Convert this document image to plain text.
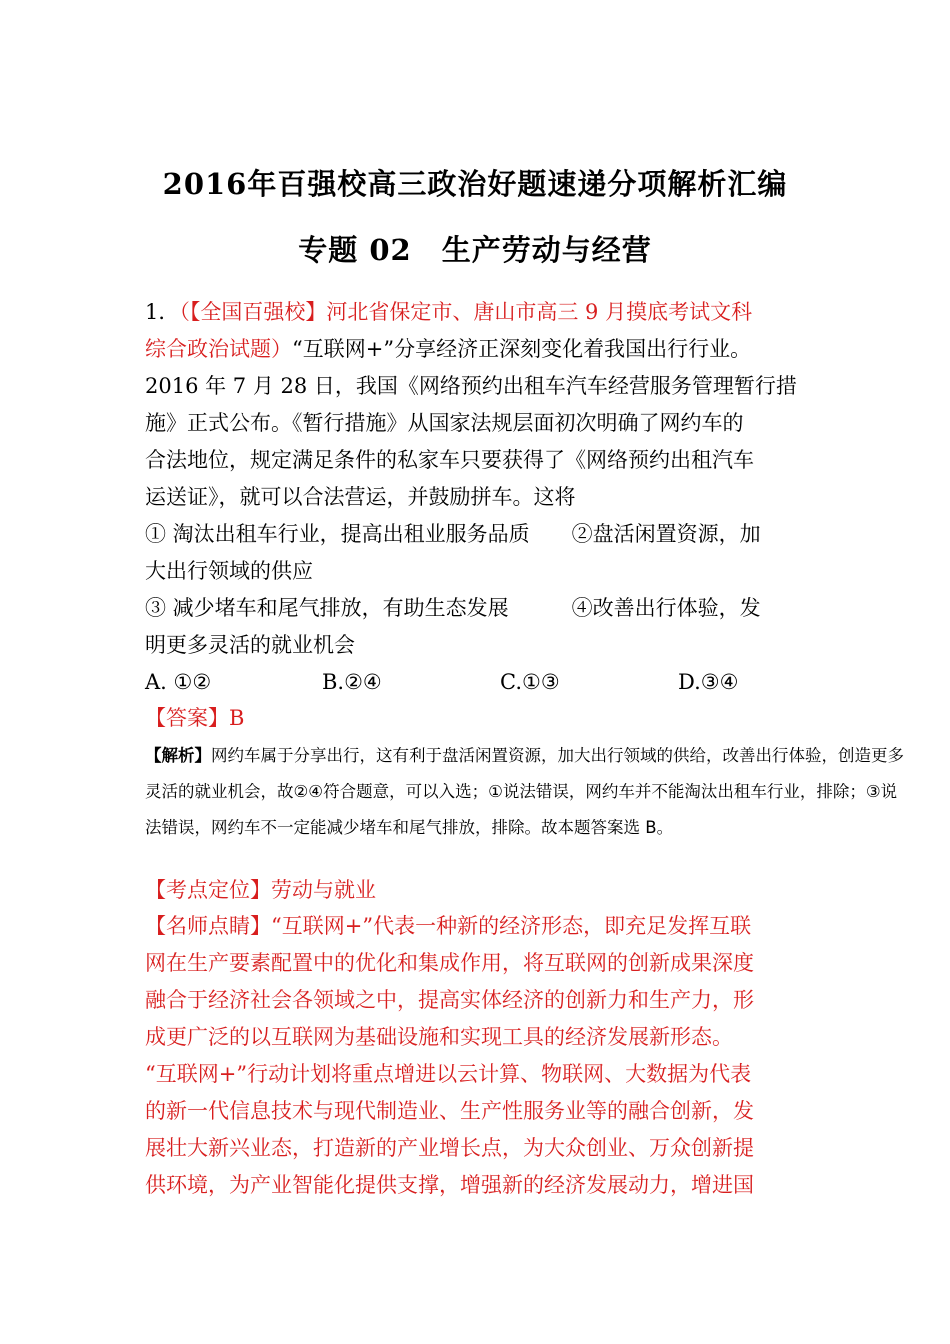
2016年百强校高三政治好题速递分项解析汇编
专题 02　生产劳动与经营
1．（【全国百强校】河北省保定市、唐山市高三 9 月摸底考试文科
综合政治试题）“互联网+”分享经济正深刻变化着我国出行行业。
2016 年 7 月 28 日，我国《网络预约出租车汽车经营服务管理暂行措
施》正式公布。《暂行措施》从国家法规层面初次明确了网约车的
合法地位，规定满足条件的私家车只要获得了《网络预约出租汽车
运送证》，就可以合法营运，并鼓励拼车。这将
① 淘汰出租车行业，提高出租业服务品质　　②盘活闲置资源，加
大出行领域的供应
③ 减少堵车和尾气排放，有助生态发展　　　④改善出行体验，发
明更多灵活的就业机会
A. ①②	B.②④	C.①③	D.③④
【答案】B
【解析】网约车属于分享出行，这有利于盘活闲置资源，加大出行领域的供给，改善出行体验，创造更多
灵活的就业机会，故②④符合题意，可以入选；①说法错误，网约车并不能淘汰出租车行业，排除；③说
法错误，网约车不一定能减少堵车和尾气排放，排除。故本题答案选 B。
【考点定位】劳动与就业
【名师点睛】“互联网+”代表一种新的经济形态，即充足发挥互联
网在生产要素配置中的优化和集成作用，将互联网的创新成果深度
融合于经济社会各领域之中，提高实体经济的创新力和生产力，形
成更广泛的以互联网为基础设施和实现工具的经济发展新形态。
“互联网+”行动计划将重点增进以云计算、物联网、大数据为代表
的新一代信息技术与现代制造业、生产性服务业等的融合创新，发
展壮大新兴业态，打造新的产业增长点，为大众创业、万众创新提
供环境，为产业智能化提供支撑，增强新的经济发展动力，增进国
